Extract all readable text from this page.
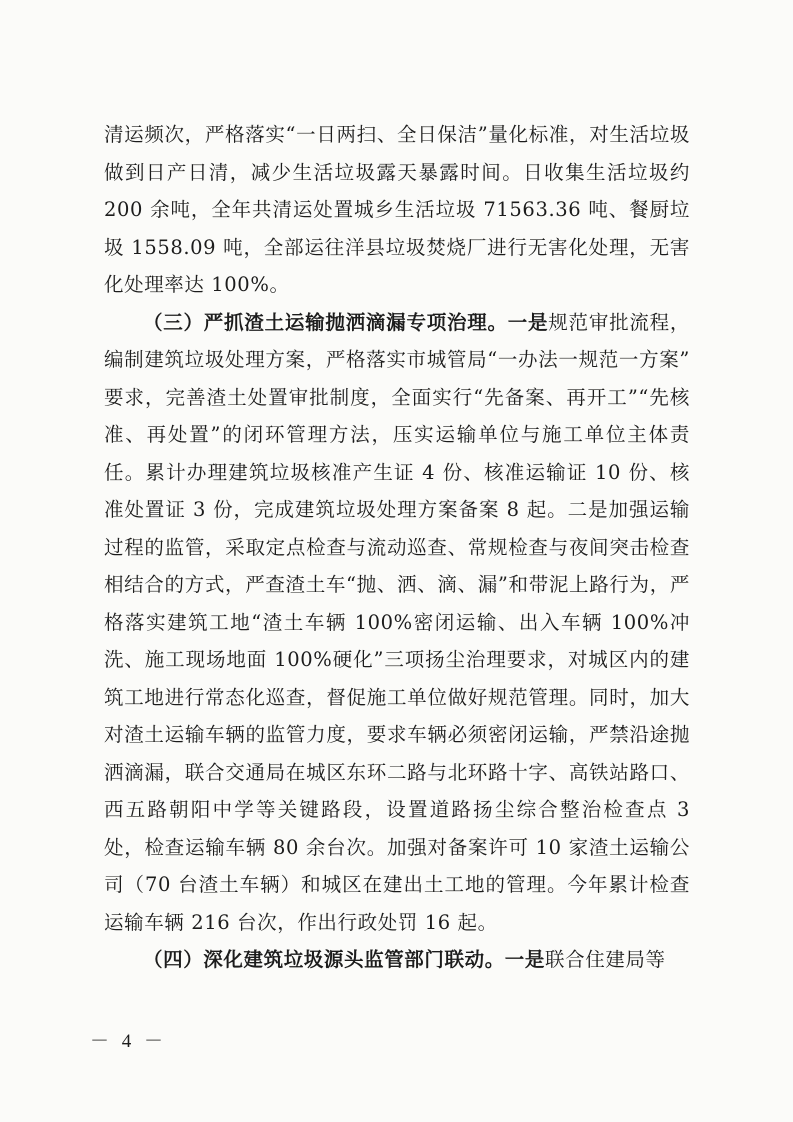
清运频次，严格落实“一日两扫、全日保洁”量化标准，对生活垃圾做到日产日清，减少生活垃圾露天暴露时间。日收集生活垃圾约 200 余吨，全年共清运处置城乡生活垃圾 71563.36 吨、餐厨垃圾 1558.09 吨，全部运往洋县垃圾焚烧厂进行无害化处理，无害化处理率达 100%。

（三）严抓渣土运输抛洒滴漏专项治理。一是规范审批流程，编制建筑垃圾处理方案，严格落实市城管局“一办法一规范一方案” 要求，完善渣土处置审批制度，全面实行“先备案、再开工”“先核准、再处置”的闭环管理方法，压实运输单位与施工单位主体责任。累计办理建筑垃圾核准产生证 4 份、核准运输证 10 份、核准处置证 3 份，完成建筑垃圾处理方案备案 8 起。二是加强运输过程的监管，采取定点检查与流动巡查、常规检查与夜间突击检查相结合的方式，严查渣土车“抛、洒、滴、漏”和带泥上路行为，严格落实建筑工地“渣土车辆 100%密闭运输、出入车辆 100%冲洗、施工现场地面 100%硬化”三项扬尘治理要求，对城区内的建筑工地进行常态化巡查，督促施工单位做好规范管理。同时，加大对渣土运输车辆的监管力度，要求车辆必须密闭运输，严禁沿途抛洒滴漏，联合交通局在城区东环二路与北环路十字、高铁站路口、西五路朝阳中学等关键路段，设置道路扬尘综合整治检查点 3 处，检查运输车辆 80 余台次。加强对备案许可 10 家渣土运输公司（70 台渣土车辆）和城区在建出土工地的管理。今年累计检查运输车辆 216 台次，作出行政处罚 16 起。

（四）深化建筑垃圾源头监管部门联动。一是联合住建局等

－ 4 －
